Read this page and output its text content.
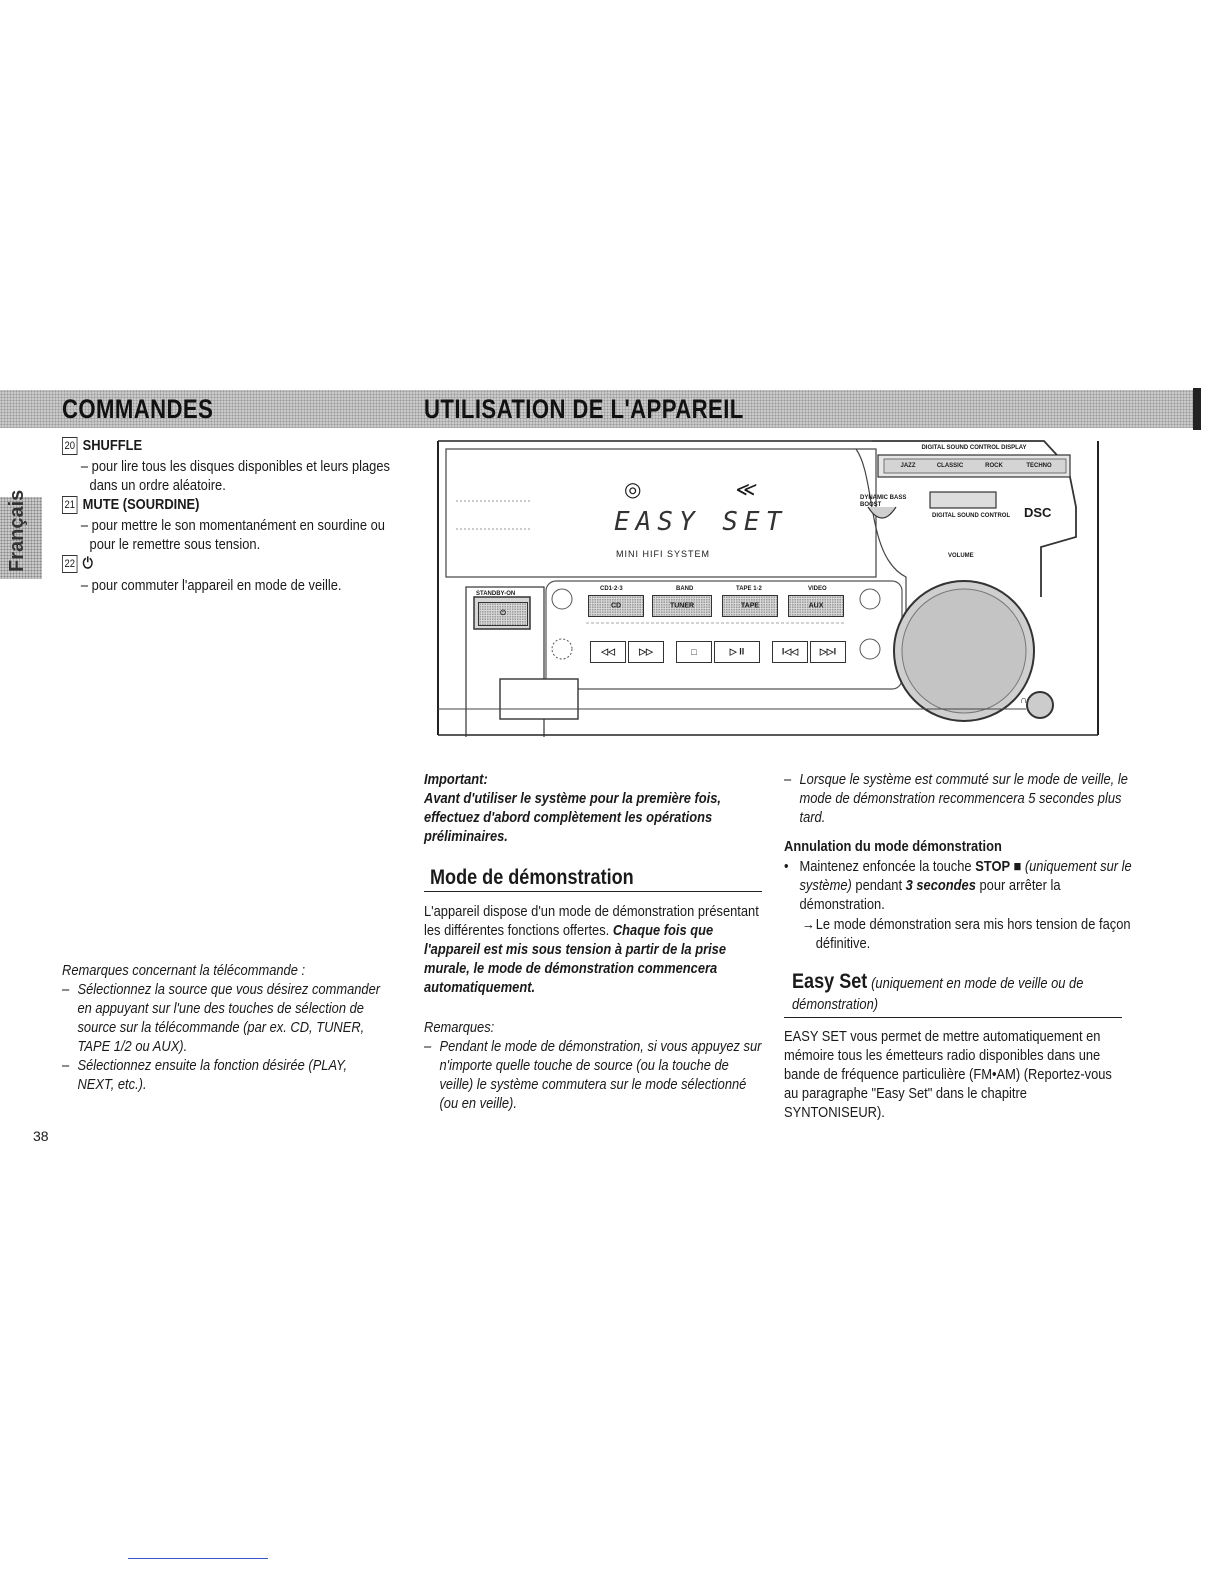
COMMANDES	UTILISATION DE L'APPAREIL
Français
20 SHUFFLE
– pour lire tous les disques disponibles et leurs plages dans un ordre aléatoire.
21 MUTE (SOURDINE)
– pour mettre le son momentanément en sourdine ou pour le remettre sous tension.
22 ⏻
– pour commuter l'appareil en mode de veille.
Remarques concernant la télécommande :
– Sélectionnez la source que vous désirez commander en appuyant sur l'une des touches de sélection de source sur la télécommande (par ex. CD, TUNER, TAPE 1/2 ou AUX).
– Sélectionnez ensuite la fonction désirée (PLAY, NEXT, etc.).
38
DIGITAL SOUND CONTROL DISPLAY
JAZZ	CLASSIC	ROCK	TECHNO
DYNAMIC BASS BOOST
DIGITAL SOUND CONTROL DSC
VOLUME
EASY SET
MINI HIFI SYSTEM
◎	≪
STANDBY-ON
⏻
CD1·2·3	BAND	TAPE 1·2	VIDEO
CD	TUNER	TAPE	AUX
◁◁	▷▷	□	▷ ll	l◁◁	▷▷l
∩
Important:
Avant d'utiliser le système pour la première fois, effectuez d'abord complètement les opérations préliminaires.
Mode de démonstration
L'appareil dispose d'un mode de démonstration présentant les différentes fonctions offertes. Chaque fois que l'appareil est mis sous tension à partir de la prise murale, le mode de démonstration commencera automatiquement.
Remarques:
– Pendant le mode de démonstration, si vous appuyez sur n'importe quelle touche de source (ou la touche de veille) le système commutera sur le mode sélectionné (ou en veille).
– Lorsque le système est commuté sur le mode de veille, le mode de démonstration recommencera 5 secondes plus tard.
Annulation du mode démonstration
• Maintenez enfoncée la touche STOP ■ (uniquement sur le système) pendant 3 secondes pour arrêter la démonstration.
→ Le mode démonstration sera mis hors tension de façon définitive.
Easy Set (uniquement en mode de veille ou de démonstration)
EASY SET vous permet de mettre automatiquement en mémoire tous les émetteurs radio disponibles dans une bande de fréquence particulière (FM•AM) (Reportez-vous au paragraphe "Easy Set" dans le chapitre SYNTONISEUR).
